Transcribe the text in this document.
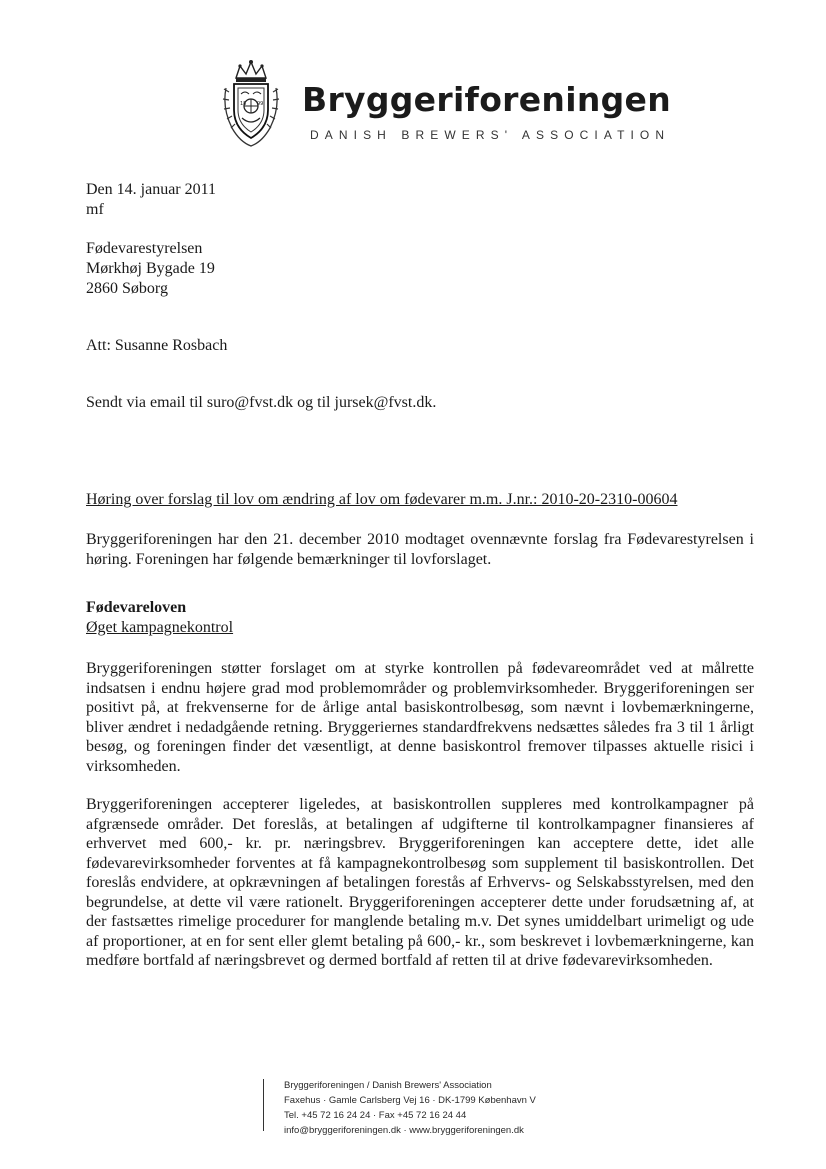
18 99 Bryggeriforeningen
DANISH BREWERS' ASSOCIATION
Den 14. januar 2011
mf
Fødevarestyrelsen
Mørkhøj Bygade 19
2860 Søborg
Att: Susanne Rosbach
Sendt via email til suro@fvst.dk og til jursek@fvst.dk.
Høring over forslag til lov om ændring af lov om fødevarer m.m. J.nr.: 2010-20-2310-00604
Bryggeriforeningen har den 21. december 2010 modtaget ovennævnte forslag fra Fødevarestyrelsen i høring. Foreningen har følgende bemærkninger til lovforslaget.
Fødevareloven
Øget kampagnekontrol
Bryggeriforeningen støtter forslaget om at styrke kontrollen på fødevareområdet ved at målrette indsatsen i endnu højere grad mod problemområder og problemvirksomheder. Bryggeriforeningen ser positivt på, at frekvenserne for de årlige antal basiskontrolbesøg, som nævnt i lovbemærkningerne, bliver ændret i nedadgående retning. Bryggeriernes standardfrekvens nedsættes således fra 3 til 1 årligt besøg, og foreningen finder det væsentligt, at denne basiskontrol fremover tilpasses aktuelle risici i virksomheden.
Bryggeriforeningen accepterer ligeledes, at basiskontrollen suppleres med kontrolkampagner på afgrænsede områder. Det foreslås, at betalingen af udgifterne til kontrolkampagner finansieres af erhvervet med 600,- kr. pr. næringsbrev. Bryggeriforeningen kan acceptere dette, idet alle fødevarevirksomheder forventes at få kampagnekontrolbesøg som supplement til basiskontrollen. Det foreslås endvidere, at opkrævningen af betalingen forestås af Erhvervs- og Selskabsstyrelsen, med den begrundelse, at dette vil være rationelt. Bryggeriforeningen accepterer dette under forudsætning af, at der fastsættes rimelige procedurer for manglende betaling m.v. Det synes umiddelbart urimeligt og ude af proportioner, at en for sent eller glemt betaling på 600,- kr., som beskrevet i lovbemærkningerne, kan medføre bortfald af næringsbrevet og dermed bortfald af retten til at drive fødevarevirksomheden.
Bryggeriforeningen / Danish Brewers' Association
Faxehus · Gamle Carlsberg Vej 16 · DK-1799 København V
Tel. +45 72 16 24 24 · Fax +45 72 16 24 44
info@bryggeriforeningen.dk · www.bryggeriforeningen.dk
